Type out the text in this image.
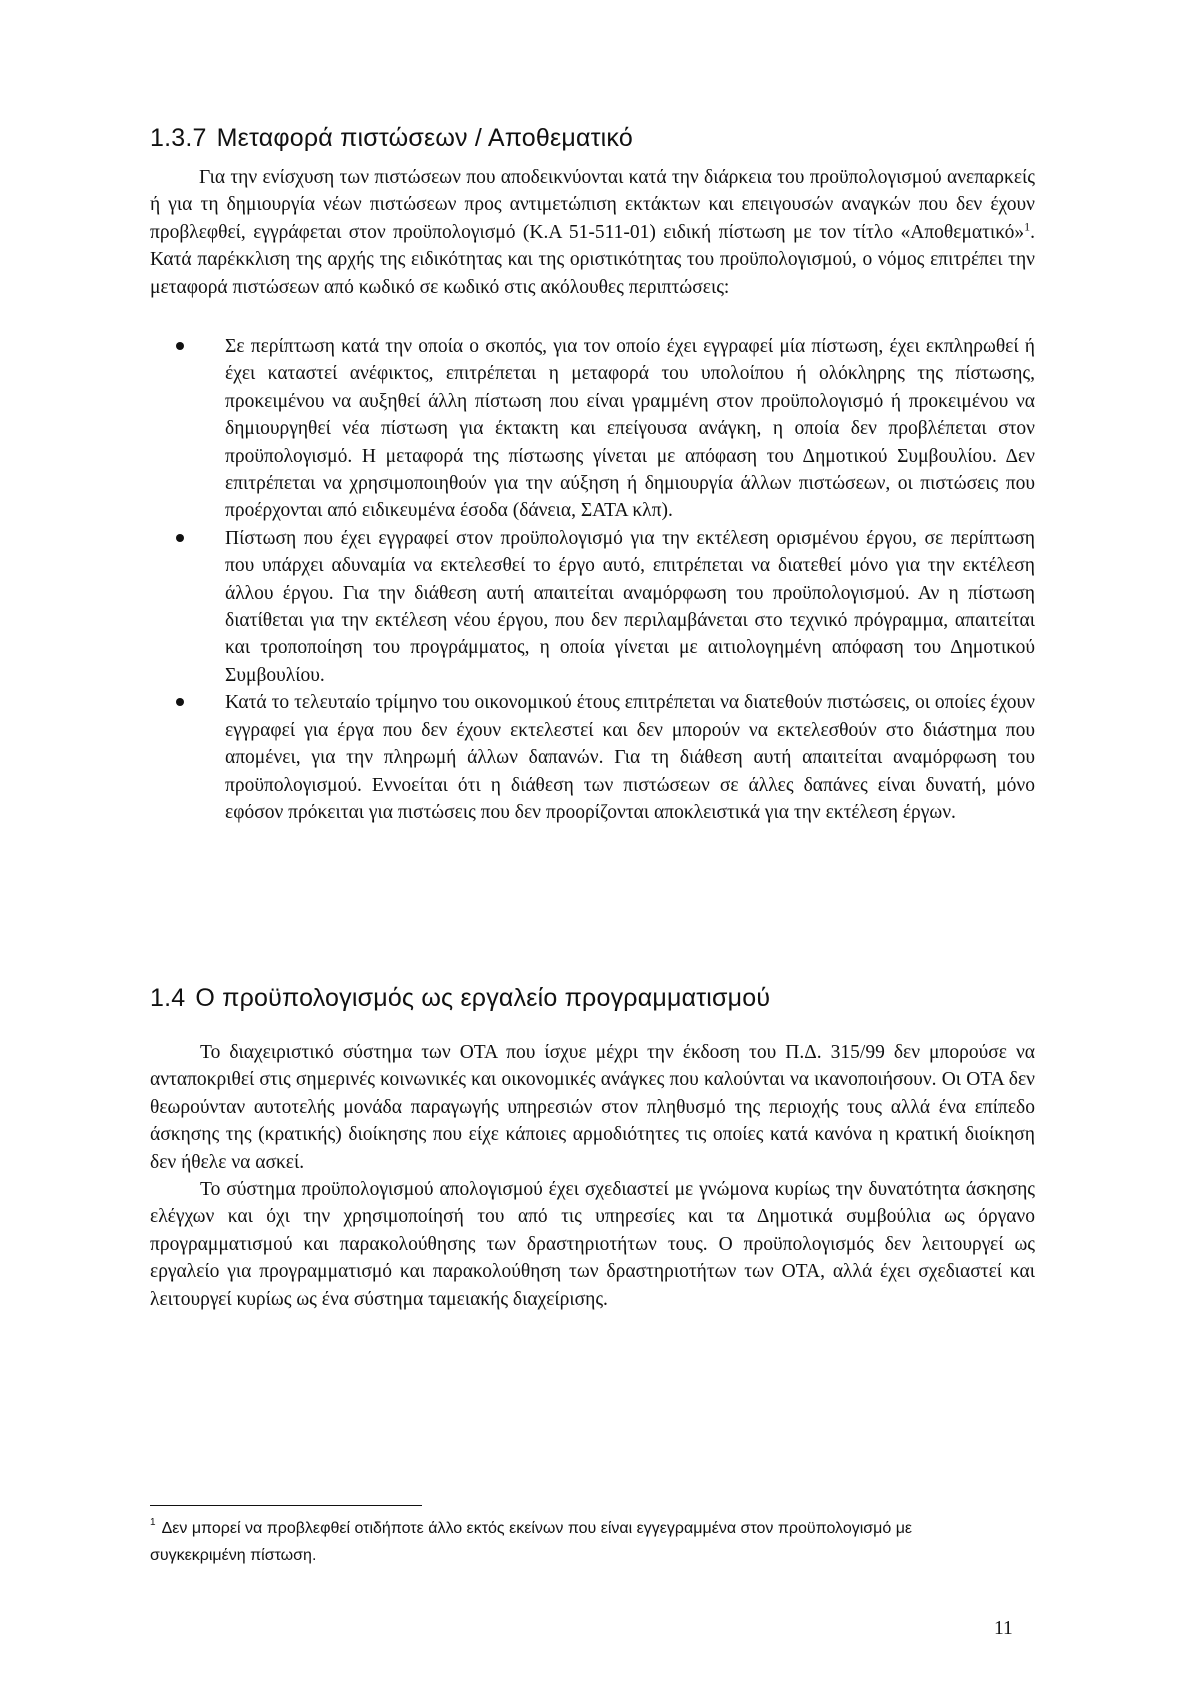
1.3.7 Μεταφορά πιστώσεων / Αποθεματικό
Για την ενίσχυση των πιστώσεων που αποδεικνύονται κατά την διάρκεια του προϋπολογισμού ανεπαρκείς ή για τη δημιουργία νέων πιστώσεων προς αντιμετώπιση εκτάκτων και επειγουσών αναγκών που δεν έχουν προβλεφθεί, εγγράφεται στον προϋπολογισμό (Κ.Α 51-511-01) ειδική πίστωση με τον τίτλο «Αποθεματικό»$^1$. Κατά παρέκκλιση της αρχής της ειδικότητας και της οριστικότητας του προϋπολογισμού, ο νόμος επιτρέπει την μεταφορά πιστώσεων από κωδικό σε κωδικό στις ακόλουθες περιπτώσεις:
Σε περίπτωση κατά την οποία ο σκοπός, για τον οποίο έχει εγγραφεί μία πίστωση, έχει εκπληρωθεί ή έχει καταστεί ανέφικτος, επιτρέπεται η μεταφορά του υπολοίπου ή ολόκληρης της πίστωσης, προκειμένου να αυξηθεί άλλη πίστωση που είναι γραμμένη στον προϋπολογισμό ή προκειμένου να δημιουργηθεί νέα πίστωση για έκτακτη και επείγουσα ανάγκη, η οποία δεν προβλέπεται στον προϋπολογισμό. Η μεταφορά της πίστωσης γίνεται με απόφαση του Δημοτικού Συμβουλίου. Δεν επιτρέπεται να χρησιμοποιηθούν για την αύξηση ή δημιουργία άλλων πιστώσεων, οι πιστώσεις που προέρχονται από ειδικευμένα έσοδα (δάνεια, ΣΑΤΑ κλπ).
Πίστωση που έχει εγγραφεί στον προϋπολογισμό για την εκτέλεση ορισμένου έργου, σε περίπτωση που υπάρχει αδυναμία να εκτελεσθεί το έργο αυτό, επιτρέπεται να διατεθεί μόνο για την εκτέλεση άλλου έργου. Για την διάθεση αυτή απαιτείται αναμόρφωση του προϋπολογισμού. Αν η πίστωση διατίθεται για την εκτέλεση νέου έργου, που δεν περιλαμβάνεται στο τεχνικό πρόγραμμα, απαιτείται και τροποποίηση του προγράμματος, η οποία γίνεται με αιτιολογημένη απόφαση του Δημοτικού Συμβουλίου.
Κατά το τελευταίο τρίμηνο του οικονομικού έτους επιτρέπεται να διατεθούν πιστώσεις, οι οποίες έχουν εγγραφεί για έργα που δεν έχουν εκτελεστεί και δεν μπορούν να εκτελεσθούν στο διάστημα που απομένει, για την πληρωμή άλλων δαπανών. Για τη διάθεση αυτή απαιτείται αναμόρφωση του προϋπολογισμού. Εννοείται ότι η διάθεση των πιστώσεων σε άλλες δαπάνες είναι δυνατή, μόνο εφόσον πρόκειται για πιστώσεις που δεν προορίζονται αποκλειστικά για την εκτέλεση έργων.
1.4 Ο προϋπολογισμός ως εργαλείο προγραμματισμού

Το διαχειριστικό σύστημα των ΟΤΑ που ίσχυε μέχρι την έκδοση του Π.Δ. 315/99 δεν μπορούσε να ανταποκριθεί στις σημερινές κοινωνικές και οικονομικές ανάγκες που καλούνται να ικανοποιήσουν. Οι ΟΤΑ δεν θεωρούνταν αυτοτελής μονάδα παραγωγής υπηρεσιών στον πληθυσμό της περιοχής τους αλλά ένα επίπεδο άσκησης της (κρατικής) διοίκησης που είχε κάποιες αρμοδιότητες τις οποίες κατά κανόνα η κρατική διοίκηση δεν ήθελε να ασκεί.

Το σύστημα προϋπολογισμού απολογισμού έχει σχεδιαστεί με γνώμονα κυρίως την δυνατότητα άσκησης ελέγχων και όχι την χρησιμοποίησή του από τις υπηρεσίες και τα Δημοτικά συμβούλια ως όργανο προγραμματισμού και παρακολούθησης των δραστηριοτήτων τους. Ο προϋπολογισμός δεν λειτουργεί ως εργαλείο για προγραμματισμό και παρακολούθηση των δραστηριοτήτων των ΟΤΑ, αλλά έχει σχεδιαστεί και λειτουργεί κυρίως ως ένα σύστημα ταμειακής διαχείρισης.

$^1$ Δεν μπορεί να προβλεφθεί οτιδήποτε άλλο εκτός εκείνων που είναι εγγεγραμμένα στον προϋπολογισμό με συγκεκριμένη πίστωση.
11
